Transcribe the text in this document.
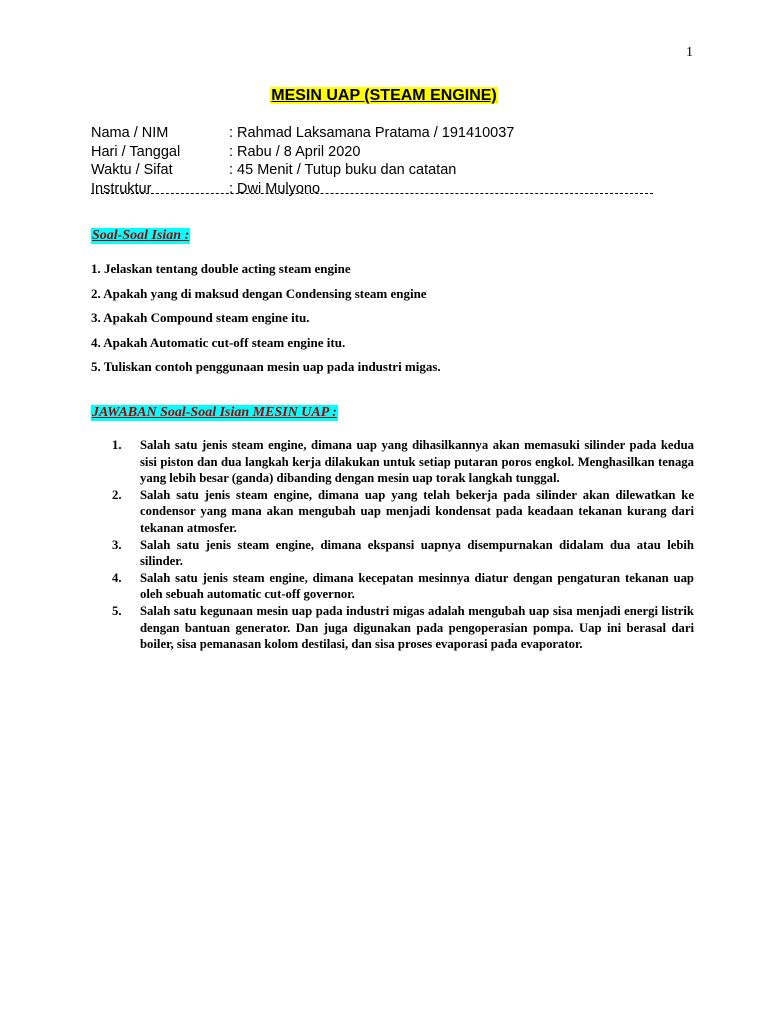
1
MESIN UAP (STEAM ENGINE)
Nama / NIM	: Rahmad Laksamana Pratama / 191410037
Hari / Tanggal	: Rabu / 8 April 2020
Waktu / Sifat	: 45 Menit / Tutup buku dan catatan
Instruktur	: Dwi Mulyono
Soal-Soal Isian :
1. Jelaskan tentang double acting steam engine
2. Apakah yang di maksud dengan Condensing steam engine
3. Apakah Compound steam engine itu.
4. Apakah Automatic cut-off steam engine itu.
5. Tuliskan contoh penggunaan mesin uap pada industri migas.
JAWABAN Soal-Soal Isian MESIN UAP :
1.	Salah satu jenis steam engine, dimana uap yang dihasilkannya akan memasuki silinder pada kedua sisi piston dan dua langkah kerja dilakukan untuk setiap putaran poros engkol. Menghasilkan tenaga yang lebih besar (ganda) dibanding dengan mesin uap torak langkah tunggal.
2.	Salah satu jenis steam engine, dimana uap yang telah bekerja pada silinder akan dilewatkan ke condensor yang mana akan mengubah uap menjadi kondensat pada keadaan tekanan kurang dari tekanan atmosfer.
3.	Salah satu jenis steam engine, dimana ekspansi uapnya disempurnakan didalam dua atau lebih silinder.
4.	Salah satu jenis steam engine, dimana kecepatan mesinnya diatur dengan pengaturan tekanan uap oleh sebuah automatic cut-off governor.
5.	Salah satu kegunaan mesin uap pada industri migas adalah mengubah uap sisa menjadi energi listrik dengan bantuan generator. Dan juga digunakan pada pengoperasian pompa. Uap ini berasal dari boiler, sisa pemanasan kolom destilasi, dan sisa proses evaporasi pada evaporator.
